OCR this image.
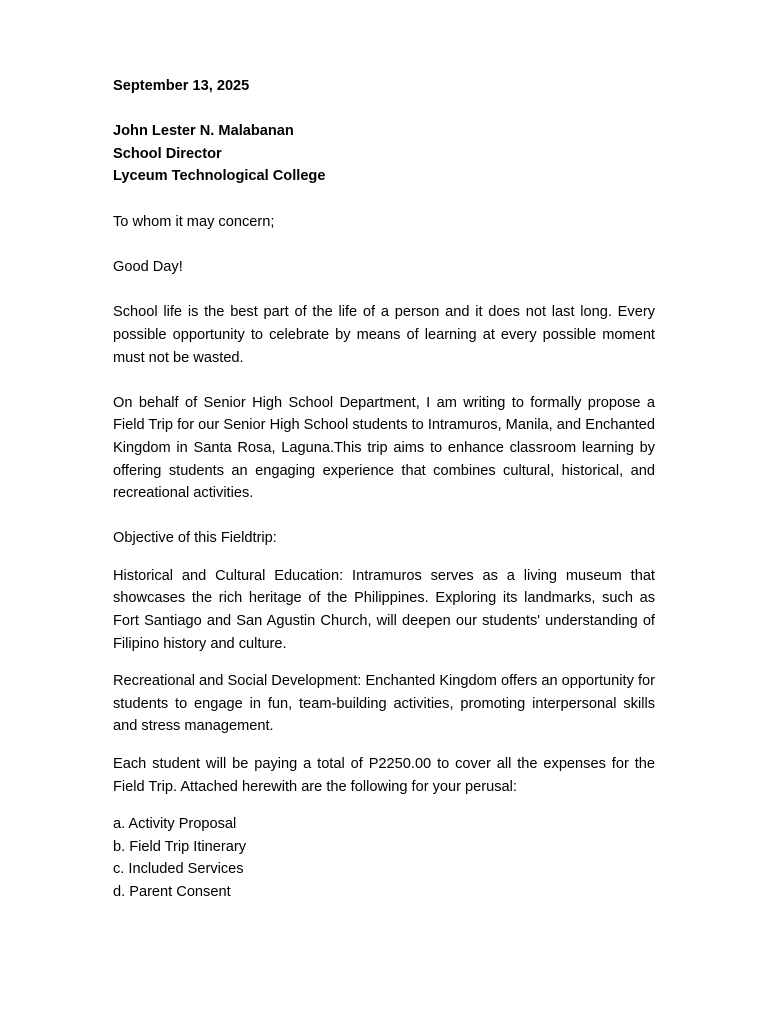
September 13, 2025
John Lester N. Malabanan
School Director
Lyceum Technological College

To whom it may concern;

Good Day!

School life is the best part of the life of a person and it does not last long. Every possible opportunity to celebrate by means of learning at every possible moment must not be wasted.

On behalf of Senior High School Department, I am writing to formally propose a Field Trip for our Senior High School students to Intramuros, Manila, and Enchanted Kingdom in Santa Rosa, Laguna.This trip aims to enhance classroom learning by offering students an engaging experience that combines cultural, historical, and recreational activities.

Objective of this Fieldtrip:

Historical and Cultural Education: Intramuros serves as a living museum that showcases the rich heritage of the Philippines. Exploring its landmarks, such as Fort Santiago and San Agustin Church, will deepen our students' understanding of Filipino history and culture.

Recreational and Social Development: Enchanted Kingdom offers an opportunity for students to engage in fun, team-building activities, promoting interpersonal skills and stress management.

Each student will be paying a total of P2250.00 to cover all the expenses for the Field Trip. Attached herewith are the following for your perusal:

a. Activity Proposal
b. Field Trip Itinerary
c. Included Services
d. Parent Consent
